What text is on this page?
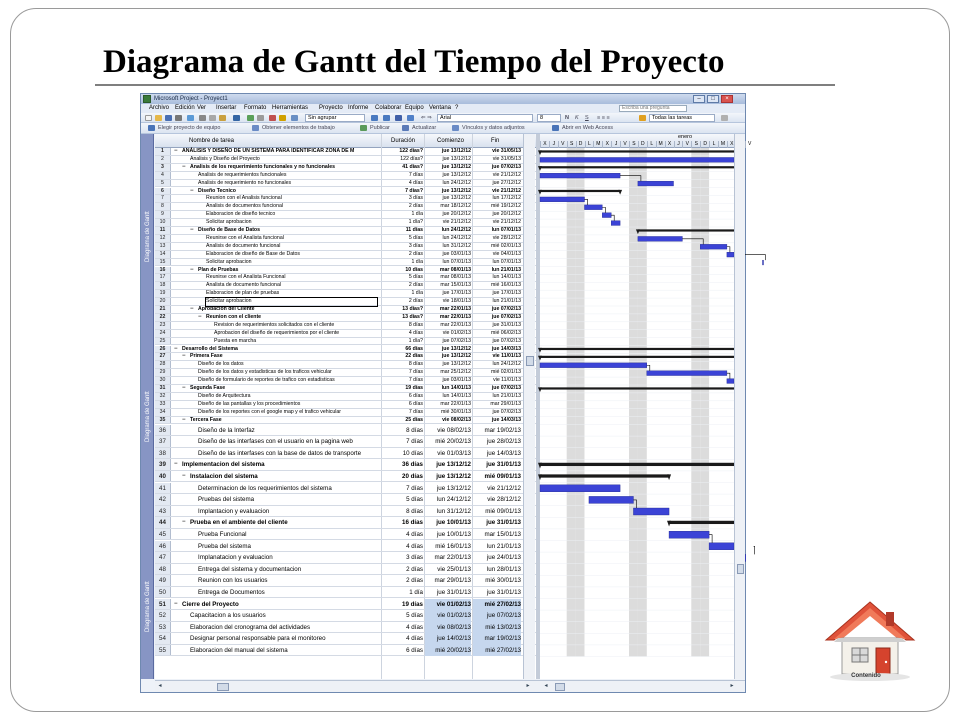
Diagrama de Gantt del Tiempo del Proyecto
Microsoft Project - Proyect1	–	□	×
Escriba una pregunta
Archivo Edición Ver Insertar Formato Herramientas Proyecto Informe Colaborar Equipo Ventana ?
Sin agrupar	⇐ ⇒	Arial	8	N K S ≡ ≡ ≡	Todas las tareas
Elegir proyecto de equipo	Obtener elementos de trabajo	Publicar	Actualizar	Vínculos y datos adjuntos	Abrir en Web Access
Diagrama de Gantt
Diagrama de Gantt
Diagrama de Gantt
Nombre de tarea	Duración	Comienzo	Fin
1	− ANÁLISIS Y DISEÑO DE UN SISTEMA PARA IDENTIFICAR ZONA DE M	122 días?	jue 13/12/12	vie 31/05/13
2	Analisis y Diseño del Proyecto	122 días?	jue 13/12/12	vie 31/05/13
3	− Analisis de los requerimiento funcionales y no funcionales	41 días?	jue 13/12/12	jue 07/02/13
4	Analisis de requerimientos funcionales	7 días	jue 13/12/12	vie 21/12/12
5	Analisis de requerimiento no funcionales	4 días	lun 24/12/12	jue 27/12/12
6	− Diseño Tecnico	7 días?	jue 13/12/12	vie 21/12/12
7	Reunion con el Analisis funcional	3 días	jue 13/12/12	lun 17/12/12
8	Analisis de documentos funcional	2 días	mar 18/12/12	mié 19/12/12
9	Elaboracion de diseño tecnico	1 día	jue 20/12/12	jue 20/12/12
10	Solicitar aprobacion	1 día?	vie 21/12/12	vie 21/12/12
11	− Diseño de Base de Datos	11 días	lun 24/12/12	lun 07/01/13
12	Reunirse con el Analista funcional	5 días	lun 24/12/12	vie 28/12/12
13	Analisis de documento funcional	3 días	lun 31/12/12	mié 02/01/13
14	Elaboracion de diseño de Base de Datos	2 días	jue 03/01/13	vie 04/01/13
15	Solicitar aprobacion	1 día	lun 07/01/13	lun 07/01/13
16	− Plan de Pruebas	10 días	mar 08/01/13	lun 21/01/13
17	Reunirse con el Analista Funcional	5 días	mar 08/01/13	lun 14/01/13
18	Analista de documento funcional	2 días	mar 15/01/13	mié 16/01/13
19	Elaboracion de plan de pruebas	1 día	jue 17/01/13	jue 17/01/13
20	Solicitar aprobacion	2 días	vie 18/01/13	lun 21/01/13
21	− Aprobacion del Cliente	13 días?	mar 22/01/13	jue 07/02/13
22	− Reunion con el cliente	13 días?	mar 22/01/13	jue 07/02/13
23	Revision de requerimientos solicitados con el cliente	8 días	mar 22/01/13	jue 31/01/13
24	Aprobacion del diseño de requerimientos por el cliente	4 días	vie 01/02/13	mié 06/02/13
25	Puesta en marcha	1 día?	jue 07/02/13	jue 07/02/13
26	− Desarrollo del Sistema	66 días	jue 13/12/12	jue 14/03/13
27	− Primera Fase	22 días	jue 13/12/12	vie 11/01/13
28	Diseño de los datos	8 días	jue 13/12/12	lun 24/12/12
29	Diseño de los datos y estadisticas de los traficos vehicular	7 días	mar 25/12/12	mié 02/01/13
30	Diseño de formulario de reportes de trafico con estadisticas	7 días	jue 03/01/13	vie 11/01/13
31	− Segunda Fase	19 días	lun 14/01/13	jue 07/02/13
32	Diseño de Arquitectura	6 días	lun 14/01/13	lun 21/01/13
33	Diseño de las pantallas y los procedimientos	6 días	mar 22/01/13	mar 29/01/13
34	Diseño de los reportes con el google map y el trafico vehicular	7 días	mié 30/01/13	jue 07/02/13
35	− Tercera Fase	25 días	vie 08/02/13	jue 14/03/13
36	Diseño de la Interfaz	8 días	vie 08/02/13	mar 19/02/13
37	Diseño de las interfases con el usuario en la pagina web	7 días	mié 20/02/13	jue 28/02/13
38	Diseño de las interfases con la base de datos de transporte	10 días	vie 01/03/13	jue 14/03/13
39	− Implementacion del sistema	36 días	jue 13/12/12	jue 31/01/13
40	− Instalacion del sistema	20 días	jue 13/12/12	mié 09/01/13
41	Determinacion de los requerimientos del sistema	7 días	jue 13/12/12	vie 21/12/12
42	Pruebas del sistema	5 días	lun 24/12/12	vie 28/12/12
43	Implantacion y evaluacion	8 días	lun 31/12/12	mié 09/01/13
44	− Prueba en el ambiente del cliente	16 días	jue 10/01/13	jue 31/01/13
45	Prueba Funcional	4 días	jue 10/01/13	mar 15/01/13
46	Prueba del sistema	4 días	mié 16/01/13	lun 21/01/13
47	Implanatacion y evaluacion	3 días	mar 22/01/13	jue 24/01/13
48	Entrega del sistema y documentacion	2 días	vie 25/01/13	lun 28/01/13
49	Reunion con los usuarios	2 días	mar 29/01/13	mié 30/01/13
50	Entrega de Documentos	1 día	jue 31/01/13	jue 31/01/13
51	− Cierre del Proyecto	19 días	vie 01/02/13	mié 27/02/13
52	Capacitacion a los usuarios	5 días	vie 01/02/13	jue 07/02/13
53	Elaboracion del cronograma del actividades	4 días	vie 08/02/13	mié 13/02/13
54	Designar personal responsable para el monitoreo	4 días	jue 14/02/13	mar 19/02/13
55	Elaboracion del manual del sistema	6 días	mié 20/02/13	mié 27/02/13
enero
X	J	V	S	D	L	M	X	J	V	S	D	L	M	X	J	V	S	D	L	M	X	V
◂	▸	◂	▸
Contenido
